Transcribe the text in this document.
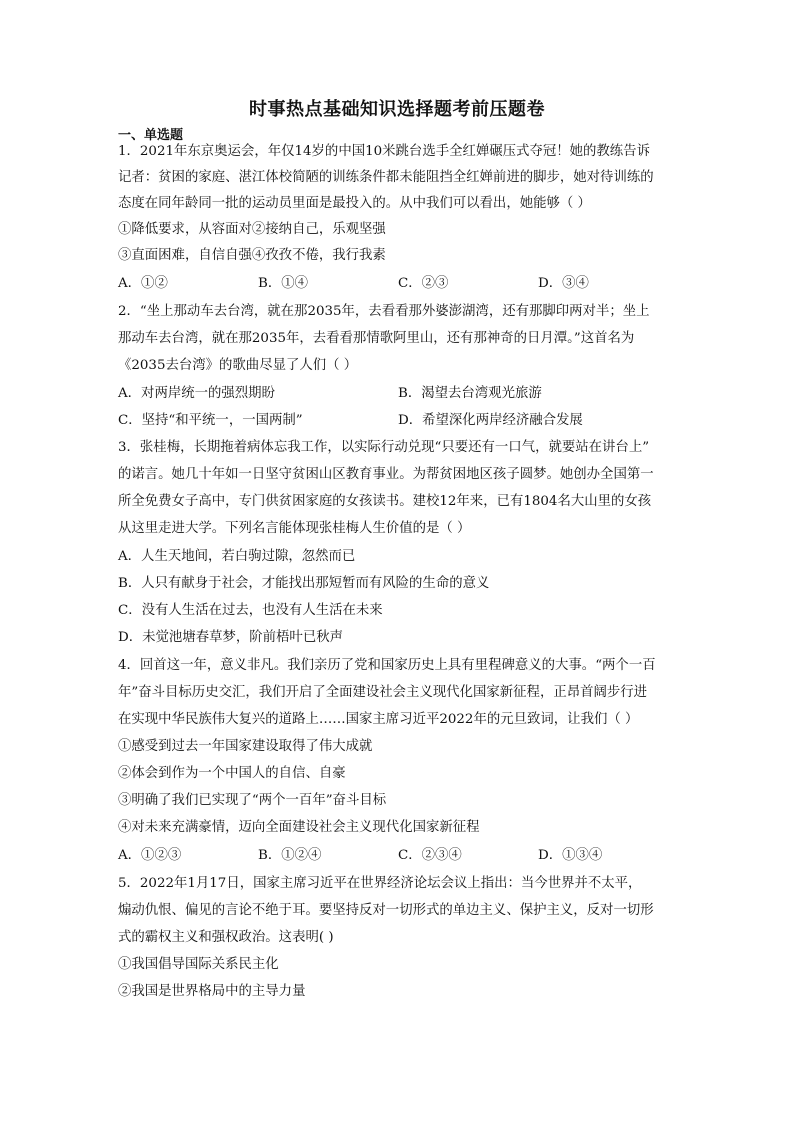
时事热点基础知识选择题考前压题卷
一、单选题
1．2021年东京奥运会，年仅14岁的中国10米跳台选手全红婵碾压式夺冠！她的教练告诉
记者：贫困的家庭、湛江体校简陋的训练条件都未能阻挡全红婵前进的脚步，她对待训练的
态度在同年龄同一批的运动员里面是最投入的。从中我们可以看出，她能够（ ）
①降低要求，从容面对②接纳自己，乐观坚强
③直面困难，自信自强④孜孜不倦，我行我素
A．①②	B．①④	C．②③	D．③④
2．“坐上那动车去台湾，就在那2035年，去看看那外婆澎湖湾，还有那脚印两对半；坐上
那动车去台湾，就在那2035年，去看看那情歌阿里山，还有那神奇的日月潭。”这首名为
《2035去台湾》的歌曲尽显了人们（ ）
A．对两岸统一的强烈期盼	B．渴望去台湾观光旅游
C．坚持“和平统一，一国两制”	D．希望深化两岸经济融合发展
3．张桂梅，长期拖着病体忘我工作，以实际行动兑现“只要还有一口气，就要站在讲台上”
的诺言。她几十年如一日坚守贫困山区教育事业。为帮贫困地区孩子圆梦。她创办全国第一
所全免费女子高中，专门供贫困家庭的女孩读书。建校12年来，已有1804名大山里的女孩
从这里走进大学。下列名言能体现张桂梅人生价值的是（ ）
A．人生天地间，若白驹过隙，忽然而已
B．人只有献身于社会，才能找出那短暂而有风险的生命的意义
C．没有人生活在过去，也没有人生活在未来
D．未觉池塘春草梦，阶前梧叶已秋声
4．回首这一年，意义非凡。我们亲历了党和国家历史上具有里程碑意义的大事。“两个一百
年”奋斗目标历史交汇，我们开启了全面建设社会主义现代化国家新征程，正昂首阔步行进
在实现中华民族伟大复兴的道路上……国家主席习近平2022年的元旦致词，让我们（ ）
①感受到过去一年国家建设取得了伟大成就
②体会到作为一个中国人的自信、自豪
③明确了我们已实现了“两个一百年”奋斗目标
④对未来充满豪情，迈向全面建设社会主义现代化国家新征程
A．①②③	B．①②④	C．②③④	D．①③④
5．2022年1月17日，国家主席习近平在世界经济论坛会议上指出：当今世界并不太平，
煽动仇恨、偏见的言论不绝于耳。要坚持反对一切形式的单边主义、保护主义，反对一切形
式的霸权主义和强权政治。这表明( )
①我国倡导国际关系民主化
②我国是世界格局中的主导力量
